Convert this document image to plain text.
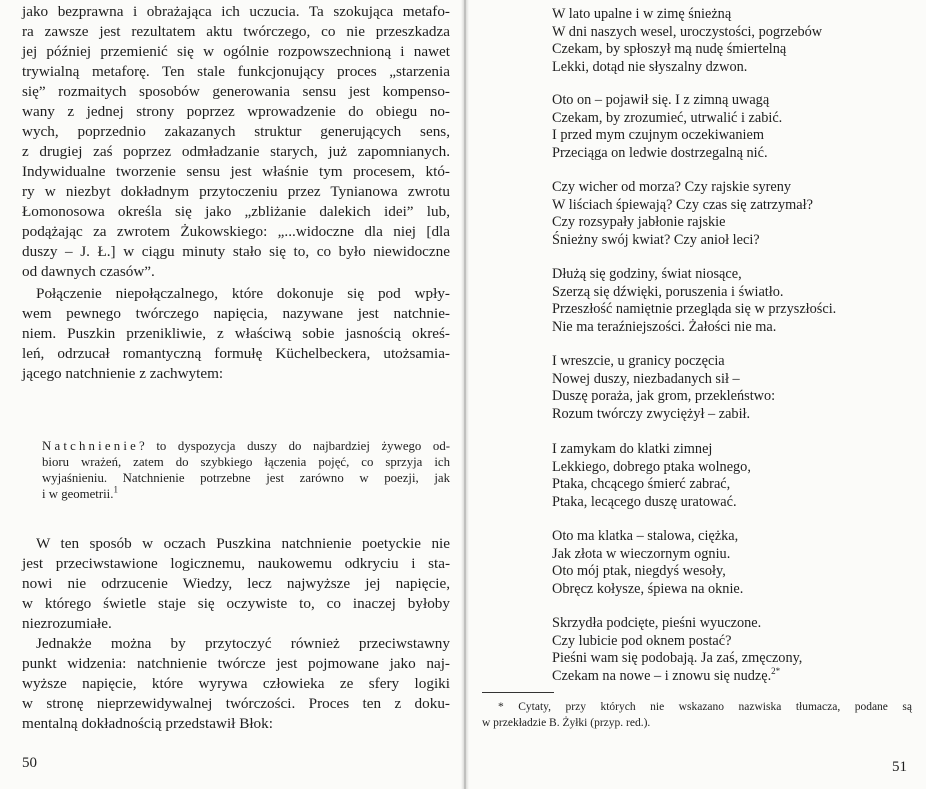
jako bezprawna i obrażająca ich uczucia. Ta szokująca metafo-
ra zawsze jest rezultatem aktu twórczego, co nie przeszkadza
jej później przemienić się w ogólnie rozpowszechnioną i nawet
trywialną metaforę. Ten stale funkcjonujący proces „starzenia
się” rozmaitych sposobów generowania sensu jest kompenso-
wany z jednej strony poprzez wprowadzenie do obiegu no-
wych, poprzednio zakazanych struktur generujących sens,
z drugiej zaś poprzez odmładzanie starych, już zapomnianych.
Indywidualne tworzenie sensu jest właśnie tym procesem, któ-
ry w niezbyt dokładnym przytoczeniu przez Tynianowa zwrotu
Łomonosowa określa się jako „zbliżanie dalekich idei” lub,
podążając za zwrotem Żukowskiego: „...widoczne dla niej [dla
duszy – J. Ł.] w ciągu minuty stało się to, co było niewidoczne
od dawnych czasów”.
Połączenie niepołączalnego, które dokonuje się pod wpły-
wem pewnego twórczego napięcia, nazywane jest natchnie-
niem. Puszkin przenikliwie, z właściwą sobie jasnością okreś-
lеń, odrzucał romantyczną formułę Küchelbeckera, utożsamia-
jącego natchnienie z zachwytem:
Natchnienie ? to dyspozycja duszy do najbardziej żywego od-
bioru wrażeń, zatem do szybkiego łączenia pojęć, co sprzyja ich
wyjaśnieniu. Natchnienie potrzebne jest zarówno w poezji, jak
i w geometrii.$^1$
W ten sposób w oczach Puszkina natchnienie poetyckie nie
jest przeciwstawione logicznemu, naukowemu odkryciu i sta-
nowi nie odrzucenie Wiedzy, lecz najwyższe jej napięcie,
w którego świetle staje się oczywiste to, co inaczej byłoby
niezrozumiałe.
Jednakże można by przytoczyć również przeciwstawny
punkt widzenia: natchnienie twórcze jest pojmowane jako naj-
wyższe napięcie, które wyrywa człowieka ze sfery logiki
w stronę nieprzewidywalnej twórczości. Proces ten z doku-
mentalną dokładnością przedstawił Błok:
50
W lato upalne i w zimę śnieżną
W dni naszych wesel, uroczystości, pogrzebów
Czekam, by spłoszył mą nudę śmiertelną
Lekki, dotąd nie słyszalny dzwon.
Oto on – pojawił się. I z zimną uwagą
Czekam, by zrozumieć, utrwalić i zabić.
I przed mym czujnym oczekiwaniem
Przeciąga on ledwie dostrzegalną nić.
Czy wicher od morza? Czy rajskie syreny
W liściach śpiewają? Czy czas się zatrzymał?
Czy rozsypały jabłonie rajskie
Śnieżny swój kwiat? Czy anioł leci?
Dłużą się godziny, świat niosące,
Szerzą się dźwięki, poruszenia i światło.
Przeszłość namiętnie przegląda się w przyszłości.
Nie ma teraźniejszości. Żałości nie ma.
I wreszcie, u granicy poczęcia
Nowej duszy, niezbadanych sił –
Duszę poraża, jak grom, przekleństwo:
Rozum twórczy zwyciężył – zabił.
I zamykam do klatki zimnej
Lekkiego, dobrego ptaka wolnego,
Ptaka, chcącego śmierć zabrać,
Ptaka, lecącego duszę uratować.
Oto ma klatka – stalowa, ciężka,
Jak złota w wieczornym ogniu.
Oto mój ptak, niegdyś wesoły,
Obręcz kołysze, śpiewa na oknie.
Skrzydła podcięte, pieśni wyuczone.
Czy lubicie pod oknem postać?
Pieśni wam się podobają. Ja zaś, zmęczony,
Czekam na nowe – i znowu się nudzę.$^{2*}$
* Cytaty, przy których nie wskazano nazwiska tłumacza, podane są
w przekładzie B. Żyłki (przyp. red.).
51
